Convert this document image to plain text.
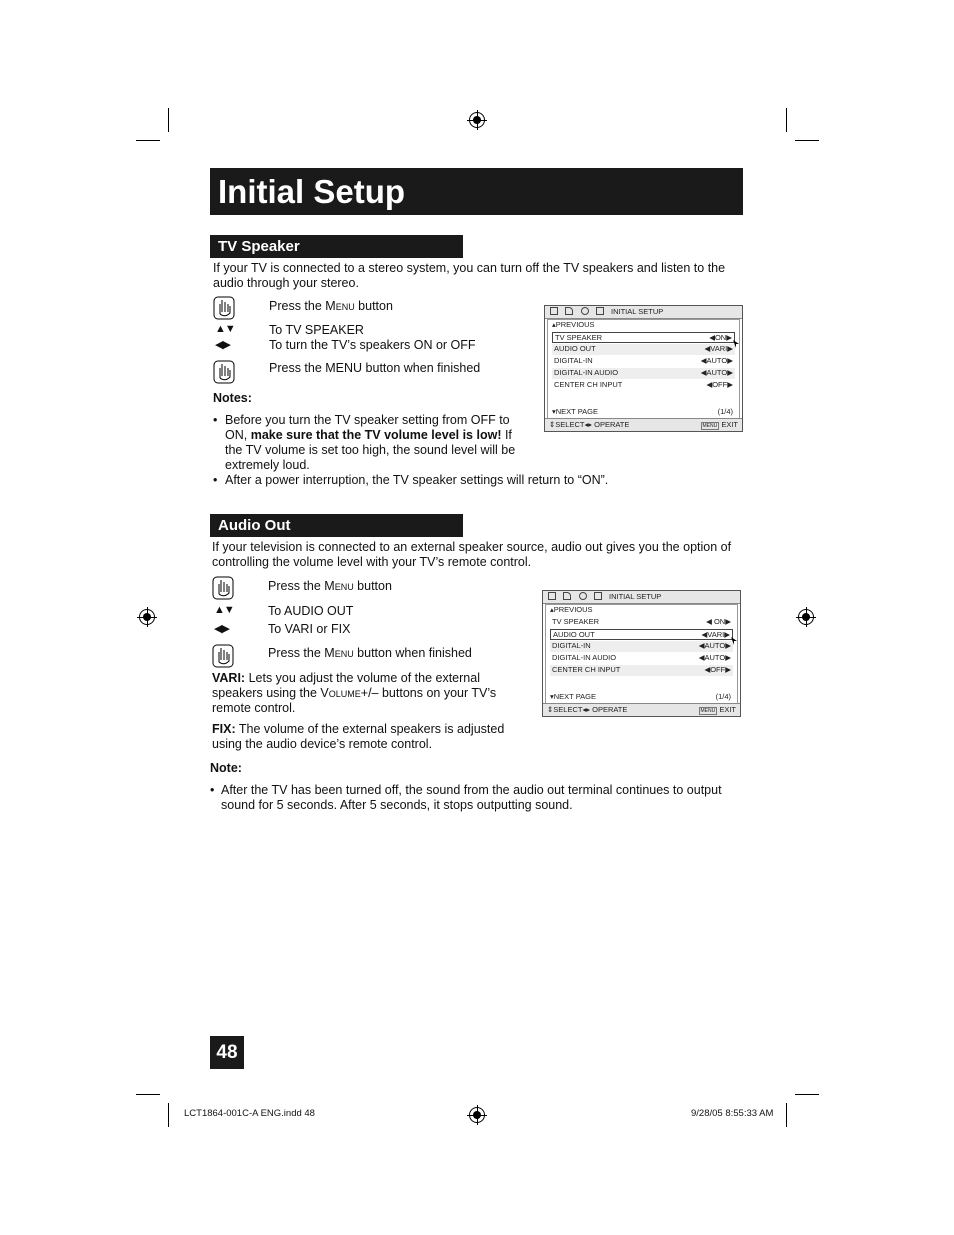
Initial Setup
TV Speaker
If your TV is connected to a stereo system, you can turn off the TV speakers and listen to the audio through your stereo.
Press the Menu button
▲▼	To TV SPEAKER
◀▶	To turn the TV’s speakers ON or OFF
Press the MENU button when finished
Notes:
• Before you turn the TV speaker setting from OFF to ON, make sure that the TV volume level is low! If the TV volume is set too high, the sound level will be extremely loud.
• After a power interruption, the TV speaker settings will return to “ON”.
INITIAL SETUP
▴PREVIOUS
TV SPEAKER	◀ON▶
AUDIO OUT	◀VARI▶
DIGITAL-IN	◀AUTO▶
DIGITAL-IN AUDIO	◀AUTO▶
CENTER CH INPUT	◀OFF▶
▾NEXT PAGE	(1/4)
⇕SELECT◂▸ OPERATE	MENU EXIT
Audio Out
If your television is connected to an external speaker source, audio out gives you the option of controlling the volume level with your TV’s remote control.
Press the Menu button
▲▼	To AUDIO OUT
◀▶	To VARI or FIX
Press the Menu button when finished
VARI: Lets you adjust the volume of the external speakers using the Volume+/– buttons on your TV’s remote control.
FIX: The volume of the external speakers is adjusted using the audio device’s remote control.
Note:
• After the TV has been turned off, the sound from the audio out terminal continues to output sound for 5 seconds. After 5 seconds, it stops outputting sound.
INITIAL SETUP
▴PREVIOUS
TV SPEAKER	◀ ON▶
AUDIO OUT	◀VARI▶
DIGITAL-IN	◀AUTO▶
DIGITAL-IN AUDIO	◀AUTO▶
CENTER CH INPUT	◀OFF▶
▾NEXT PAGE	(1/4)
⇕SELECT◂▸ OPERATE	MENU EXIT
48
LCT1864-001C-A ENG.indd 48	9/28/05 8:55:33 AM
